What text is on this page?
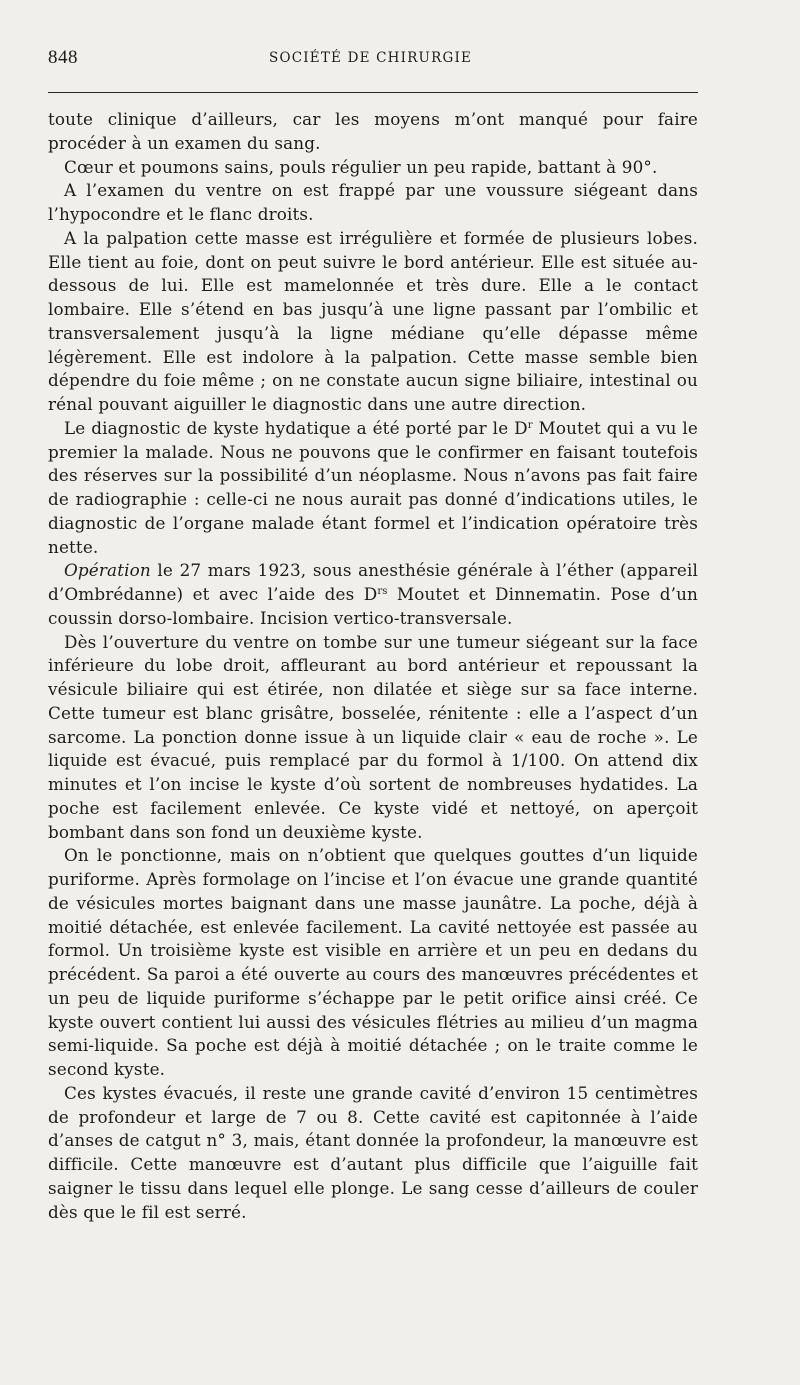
848	SOCIÉTÉ DE CHIRURGIE

toute clinique d’ailleurs, car les moyens m’ont manqué pour faire procéder à un examen du sang.

Cœur et poumons sains, pouls régulier un peu rapide, battant à 90°.

A l’examen du ventre on est frappé par une voussure siégeant dans l’hypocondre et le flanc droits.

A la palpation cette masse est irrégulière et formée de plusieurs lobes. Elle tient au foie, dont on peut suivre le bord antérieur. Elle est située au-dessous de lui. Elle est mamelonnée et très dure. Elle a le contact lombaire. Elle s’étend en bas jusqu’à une ligne passant par l’ombilic et transversalement jusqu’à la ligne médiane qu’elle dépasse même légèrement. Elle est indolore à la palpation. Cette masse semble bien dépendre du foie même ; on ne constate aucun signe biliaire, intestinal ou rénal pouvant aiguiller le diagnostic dans une autre direction.

Le diagnostic de kyste hydatique a été porté par le $D^r$ Moutet qui a vu le premier la malade. Nous ne pouvons que le confirmer en faisant toutefois des réserves sur la possibilité d’un néoplasme. Nous n’avons pas fait faire de radiographie : celle-ci ne nous aurait pas donné d’indications utiles, le diagnostic de l’organe malade étant formel et l’indication opératoire très nette.

Opération le 27 mars 1923, sous anesthésie générale à l’éther (appareil d’Ombrédanne) et avec l’aide des $D^{rs}$ Moutet et Dinnematin. Pose d’un coussin dorso-lombaire. Incision vertico-transversale.

Dès l’ouverture du ventre on tombe sur une tumeur siégeant sur la face inférieure du lobe droit, affleurant au bord antérieur et repoussant la vésicule biliaire qui est étirée, non dilatée et siège sur sa face interne. Cette tumeur est blanc grisâtre, bosselée, rénitente : elle a l’aspect d’un sarcome. La ponction donne issue à un liquide clair « eau de roche ». Le liquide est évacué, puis remplacé par du formol à 1/100. On attend dix minutes et l’on incise le kyste d’où sortent de nombreuses hydatides. La poche est facilement enlevée. Ce kyste vidé et nettoyé, on aperçoit bombant dans son fond un deuxième kyste.

On le ponctionne, mais on n’obtient que quelques gouttes d’un liquide puriforme. Après formolage on l’incise et l’on évacue une grande quantité de vésicules mortes baignant dans une masse jaunâtre. La poche, déjà à moitié détachée, est enlevée facilement. La cavité nettoyée est passée au formol. Un troisième kyste est visible en arrière et un peu en dedans du précédent. Sa paroi a été ouverte au cours des manœuvres précédentes et un peu de liquide puriforme s’échappe par le petit orifice ainsi créé. Ce kyste ouvert contient lui aussi des vésicules flétries au milieu d’un magma semi-liquide. Sa poche est déjà à moitié détachée ; on le traite comme le second kyste.

Ces kystes évacués, il reste une grande cavité d’environ 15 centimètres de profondeur et large de 7 ou 8. Cette cavité est capitonnée à l’aide d’anses de catgut n° 3, mais, étant donnée la profondeur, la manœuvre est difficile. Cette manœuvre est d’autant plus difficile que l’aiguille fait saigner le tissu dans lequel elle plonge. Le sang cesse d’ailleurs de couler dès que le fil est serré.
